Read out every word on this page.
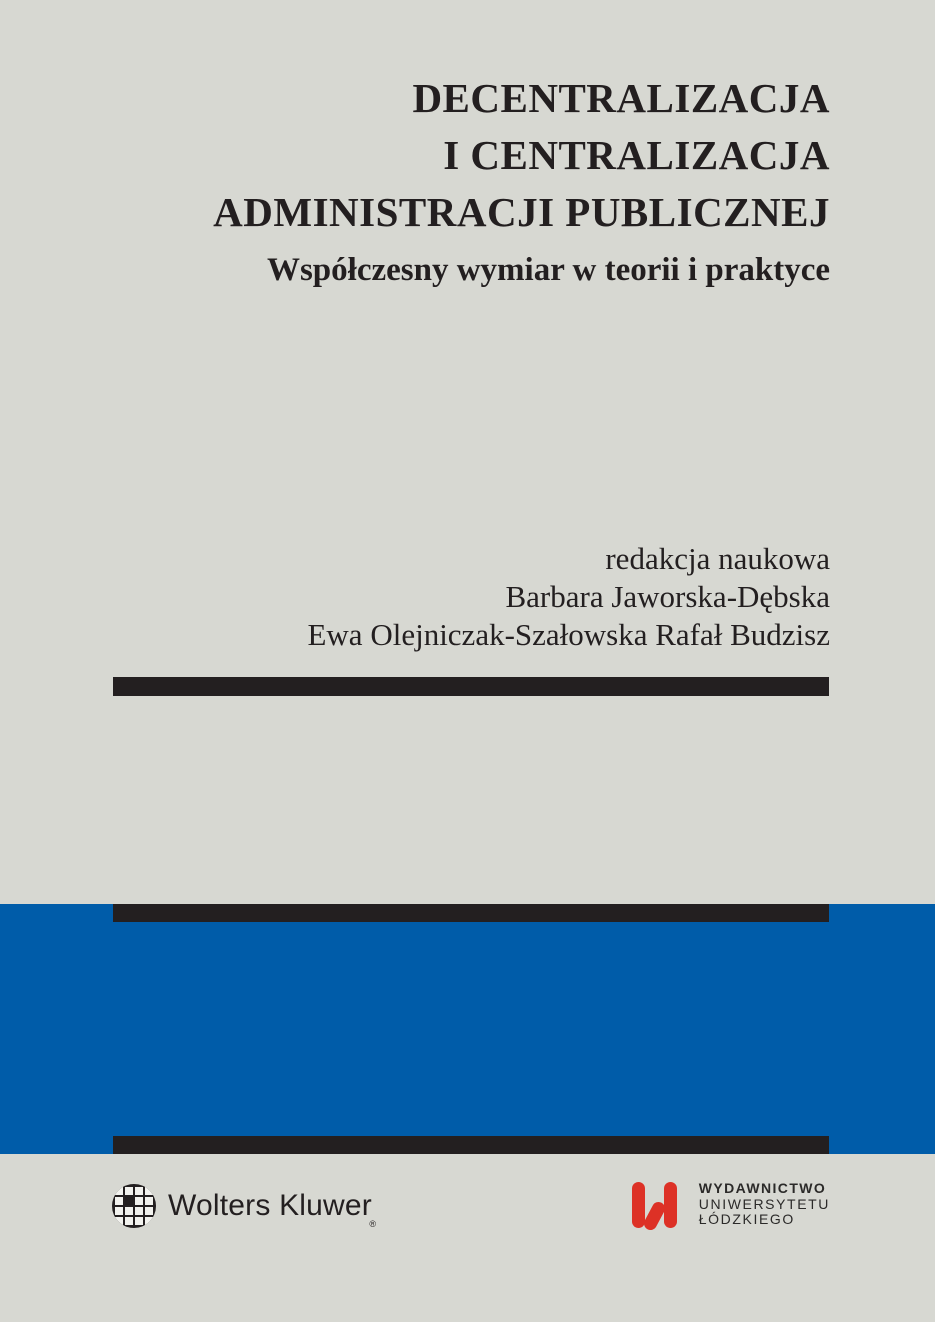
DECENTRALIZACJA
I CENTRALIZACJA
ADMINISTRACJI PUBLICZNEJ
Współczesny wymiar w teorii i praktyce
redakcja naukowa
Barbara Jaworska-Dębska
Ewa Olejniczak-Szałowska Rafał Budzisz
®
Wolters Kluwer
WYDAWNICTWO
UNIWERSYTETU
ŁÓDZKIEGO
